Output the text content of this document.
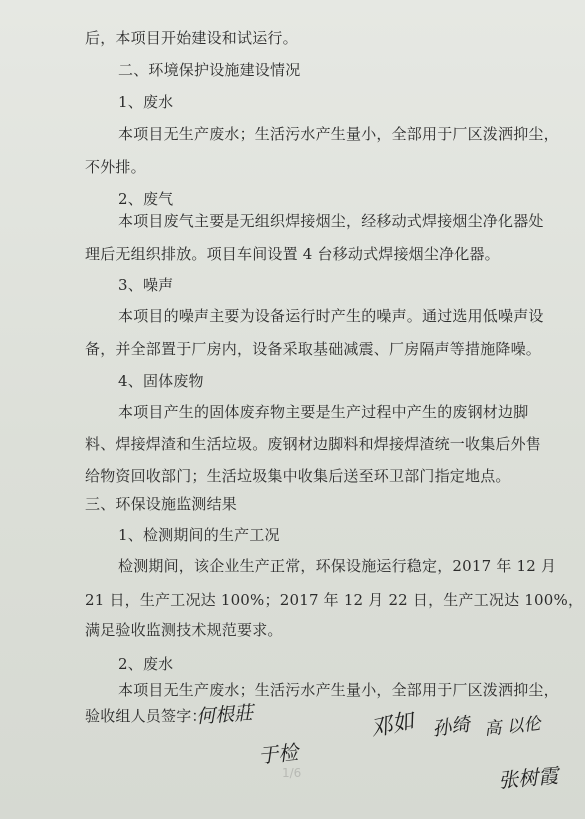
后，本项目开始建设和试运行。
二、环境保护设施建设情况
1、废水
本项目无生产废水；生活污水产生量小，全部用于厂区泼洒抑尘，
不外排。
2、废气
本项目废气主要是无组织焊接烟尘，经移动式焊接烟尘净化器处
理后无组织排放。项目车间设置 4 台移动式焊接烟尘净化器。
3、噪声
本项目的噪声主要为设备运行时产生的噪声。通过选用低噪声设
备，并全部置于厂房内，设备采取基础减震、厂房隔声等措施降噪。
4、固体废物
本项目产生的固体废弃物主要是生产过程中产生的废钢材边脚
料、焊接焊渣和生活垃圾。废钢材边脚料和焊接焊渣统一收集后外售
给物资回收部门；生活垃圾集中收集后送至环卫部门指定地点。
三、环保设施监测结果
1、检测期间的生产工况
检测期间，该企业生产正常，环保设施运行稳定，2017 年 12 月
21 日，生产工况达 100%；2017 年 12 月 22 日，生产工况达 100%，
满足验收监测技术规范要求。
2、废水
本项目无生产废水；生活污水产生量小，全部用于厂区泼洒抑尘，
验收组人员签字：
何根莊
于检
邓如 孙绮 高 以伦
张树霞
1/6
